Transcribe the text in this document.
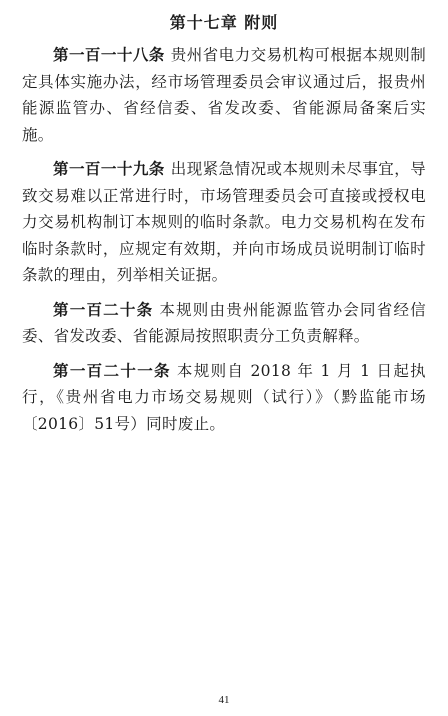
第十七章 附则

第一百一十八条 贵州省电力交易机构可根据本规则制定具体实施办法，经市场管理委员会审议通过后，报贵州能源监管办、省经信委、省发改委、省能源局备案后实施。

第一百一十九条 出现紧急情况或本规则未尽事宜，导致交易难以正常进行时，市场管理委员会可直接或授权电力交易机构制订本规则的临时条款。电力交易机构在发布临时条款时，应规定有效期，并向市场成员说明制订临时条款的理由，列举相关证据。

第一百二十条 本规则由贵州能源监管办会同省经信委、省发改委、省能源局按照职责分工负责解释。

第一百二十一条 本规则自 2018 年 1 月 1 日起执行，《贵州省电力市场交易规则（试行）》（黔监能市场〔2016〕51号）同时废止。

41
